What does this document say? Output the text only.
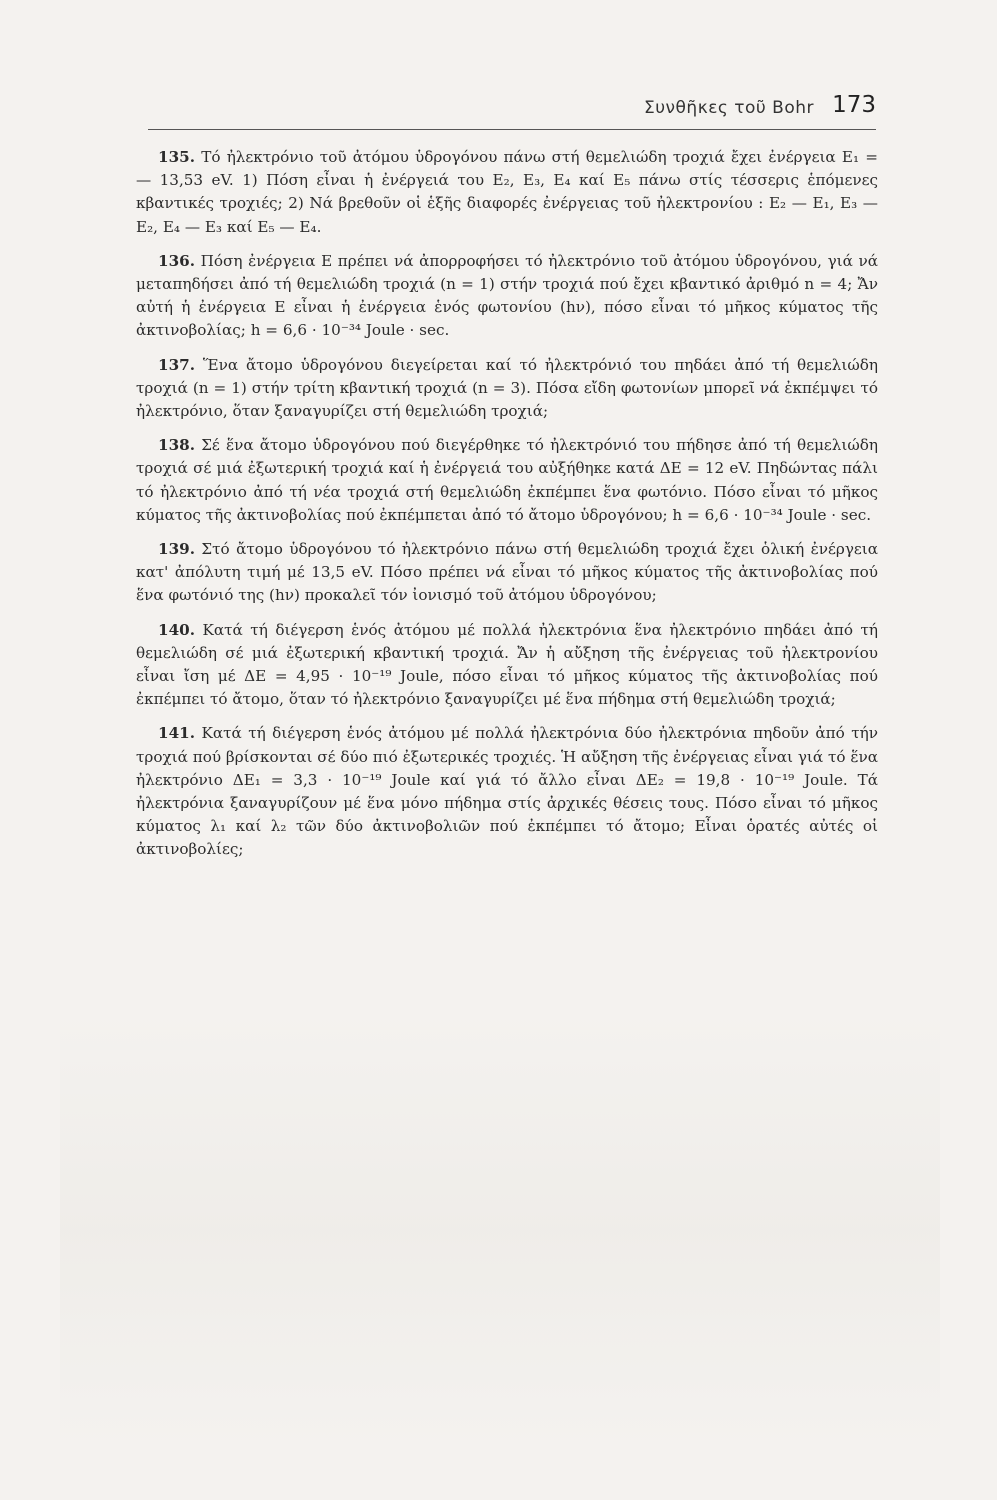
Συνθῆκες τοῦ Bohr 173

135. Τό ἠλεκτρόνιο τοῦ ἀτόμου ὑδρογόνου πάνω στή θεμελιώδη τροχιά ἔχει ἐνέργεια E₁ = — 13,53 eV. 1) Πόση εἶναι ἡ ἐνέργειά του E₂, E₃, E₄ καί E₅ πάνω στίς τέσσερις ἑπόμενες κβαντικές τροχιές; 2) Νά βρεθοῦν οἱ ἑξῆς διαφορές ἐνέργειας τοῦ ἠλεκτρονίου : E₂ — E₁, E₃ — E₂, E₄ — E₃ καί E₅ — E₄.

136. Πόση ἐνέργεια E πρέπει νά ἀπορροφήσει τό ἠλεκτρόνιο τοῦ ἀτόμου ὑδρογόνου, γιά νά μεταπηδήσει ἀπό τή θεμελιώδη τροχιά (n = 1) στήν τροχιά πού ἔχει κβαντικό ἀριθμό n = 4; Ἄν αὐτή ἡ ἐνέργεια E εἶναι ἡ ἐνέργεια ἑνός φωτονίου (hν), πόσο εἶναι τό μῆκος κύματος τῆς ἀκτινοβολίας; h = 6,6 · 10⁻³⁴ Joule · sec.

137. Ἕνα ἄτομο ὑδρογόνου διεγείρεται καί τό ἠλεκτρόνιό του πηδάει ἀπό τή θεμελιώδη τροχιά (n = 1) στήν τρίτη κβαντική τροχιά (n = 3). Πόσα εἴδη φωτονίων μπορεῖ νά ἐκπέμψει τό ἠλεκτρόνιο, ὅταν ξαναγυρίζει στή θεμελιώδη τροχιά;

138. Σέ ἕνα ἄτομο ὑδρογόνου πού διεγέρθηκε τό ἠλεκτρόνιό του πήδησε ἀπό τή θεμελιώδη τροχιά σέ μιά ἐξωτερική τροχιά καί ἡ ἐνέργειά του αὐξήθηκε κατά ΔE = 12 eV. Πηδώντας πάλι τό ἠλεκτρόνιο ἀπό τή νέα τροχιά στή θεμελιώδη ἐκπέμπει ἕνα φωτόνιο. Πόσο εἶναι τό μῆκος κύματος τῆς ἀκτινοβολίας πού ἐκπέμπεται ἀπό τό ἄτομο ὑδρογόνου; h = 6,6 · 10⁻³⁴ Joule · sec.

139. Στό ἄτομο ὑδρογόνου τό ἠλεκτρόνιο πάνω στή θεμελιώδη τροχιά ἔχει ὁλική ἐνέργεια κατ' ἀπόλυτη τιμή μέ 13,5 eV. Πόσο πρέπει νά εἶναι τό μῆκος κύματος τῆς ἀκτινοβολίας πού ἕνα φωτόνιό της (hν) προκαλεῖ τόν ἰονισμό τοῦ ἀτόμου ὑδρογόνου;

140. Κατά τή διέγερση ἑνός ἀτόμου μέ πολλά ἠλεκτρόνια ἕνα ἠλεκτρόνιο πηδάει ἀπό τή θεμελιώδη σέ μιά ἐξωτερική κβαντική τροχιά. Ἄν ἡ αὔξηση τῆς ἐνέργειας τοῦ ἠλεκτρονίου εἶναι ἴση μέ ΔE = 4,95 · 10⁻¹⁹ Joule, πόσο εἶναι τό μῆκος κύματος τῆς ἀκτινοβολίας πού ἐκπέμπει τό ἄτομο, ὅταν τό ἠλεκτρόνιο ξαναγυρίζει μέ ἕνα πήδημα στή θεμελιώδη τροχιά;

141. Κατά τή διέγερση ἑνός ἀτόμου μέ πολλά ἠλεκτρόνια δύο ἠλεκτρόνια πηδοῦν ἀπό τήν τροχιά πού βρίσκονται σέ δύο πιό ἐξωτερικές τροχιές. Ἡ αὔξηση τῆς ἐνέργειας εἶναι γιά τό ἕνα ἠλεκτρόνιο ΔE₁ = 3,3 · 10⁻¹⁹ Joule καί γιά τό ἄλλο εἶναι ΔE₂ = 19,8 · 10⁻¹⁹ Joule. Τά ἠλεκτρόνια ξαναγυρίζουν μέ ἕνα μόνο πήδημα στίς ἀρχικές θέσεις τους. Πόσο εἶναι τό μῆκος κύματος λ₁ καί λ₂ τῶν δύο ἀκτινοβολιῶν πού ἐκπέμπει τό ἄτομο; Εἶναι ὁρατές αὐτές οἱ ἀκτινοβολίες;
